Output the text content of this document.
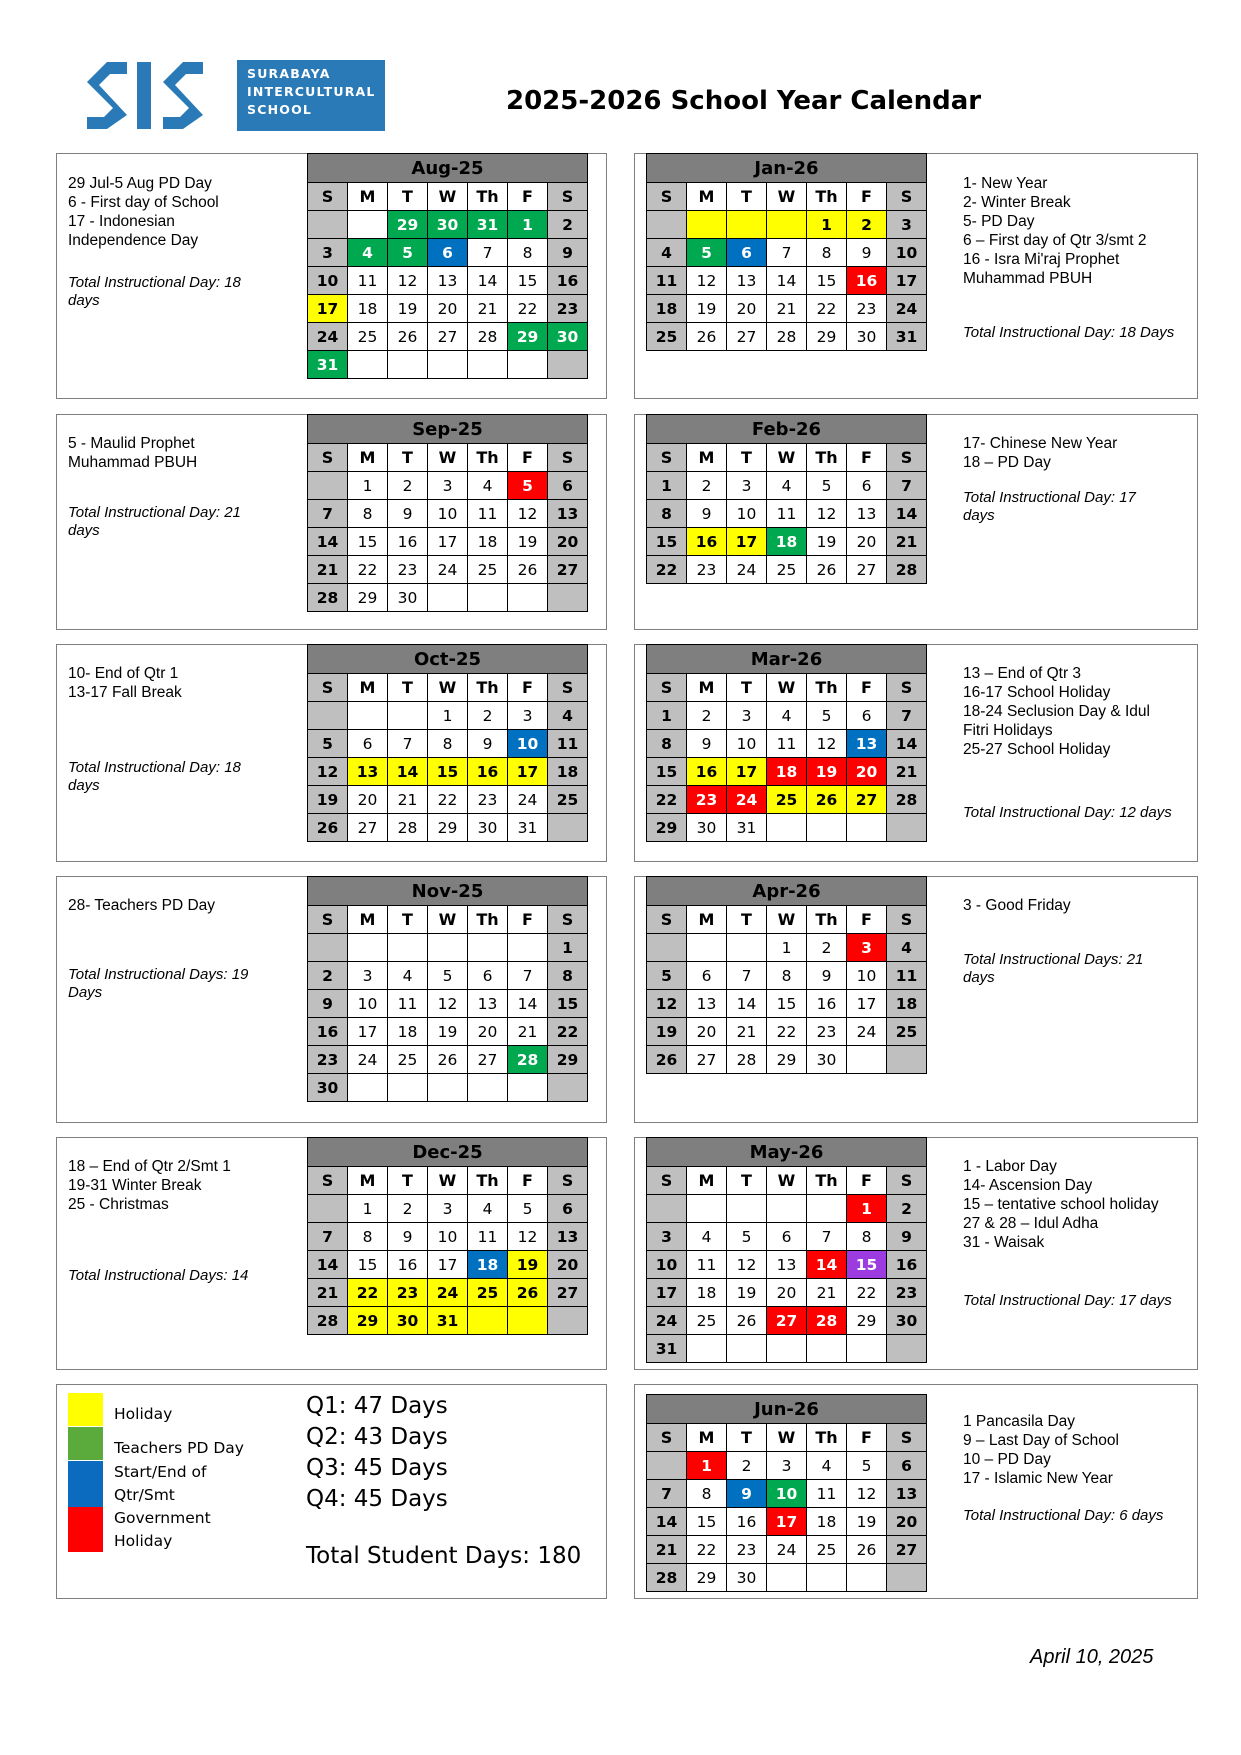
SURABAYA
INTERCULTURAL
SCHOOL	2025-2026 School Year Calendar
29 Jul-5 Aug PD Day
6 - First day of School
17 - Indonesian
Independence Day
Total Instructional Day: 18
days
Aug-25						
S	M	T	W	Th	F	S
		29	30	31	1	2
3	4	5	6	7	8	9
10	11	12	13	14	15	16
17	18	19	20	21	22	23
24	25	26	27	28	29	30
31						
5 - Maulid Prophet
Muhammad PBUH
Total Instructional Day: 21
days
Sep-25						
S	M	T	W	Th	F	S
	1	2	3	4	5	6
7	8	9	10	11	12	13
14	15	16	17	18	19	20
21	22	23	24	25	26	27
28	29	30				
10- End of Qtr 1
13-17 Fall Break
Total Instructional Day: 18
days
Oct-25						
S	M	T	W	Th	F	S
			1	2	3	4
5	6	7	8	9	10	11
12	13	14	15	16	17	18
19	20	21	22	23	24	25
26	27	28	29	30	31	
28- Teachers PD Day
Total Instructional Days: 19
Days
Nov-25						
S	M	T	W	Th	F	S
						1
2	3	4	5	6	7	8
9	10	11	12	13	14	15
16	17	18	19	20	21	22
23	24	25	26	27	28	29
30						
18 – End of Qtr 2/Smt 1
19-31 Winter Break
25 - Christmas
Total Instructional Days: 14
Dec-25						
S	M	T	W	Th	F	S
	1	2	3	4	5	6
7	8	9	10	11	12	13
14	15	16	17	18	19	20
21	22	23	24	25	26	27
28	29	30	31			
1- New Year
2- Winter Break
5- PD Day
6 – First day of Qtr 3/smt 2
16 - Isra Mi'raj Prophet
Muhammad PBUH
Total Instructional Day: 18 Days
Jan-26						
S	M	T	W	Th	F	S
				1	2	3
4	5	6	7	8	9	10
11	12	13	14	15	16	17
18	19	20	21	22	23	24
25	26	27	28	29	30	31
17- Chinese New Year
18 – PD Day
Total Instructional Day: 17
days
Feb-26						
S	M	T	W	Th	F	S
1	2	3	4	5	6	7
8	9	10	11	12	13	14
15	16	17	18	19	20	21
22	23	24	25	26	27	28
13 – End of Qtr 3
16-17 School Holiday
18-24 Seclusion Day & Idul
Fitri Holidays
25-27 School Holiday
Total Instructional Day: 12 days
Mar-26						
S	M	T	W	Th	F	S
1	2	3	4	5	6	7
8	9	10	11	12	13	14
15	16	17	18	19	20	21
22	23	24	25	26	27	28
29	30	31				
3 - Good Friday
Total Instructional Days: 21
days
Apr-26						
S	M	T	W	Th	F	S
			1	2	3	4
5	6	7	8	9	10	11
12	13	14	15	16	17	18
19	20	21	22	23	24	25
26	27	28	29	30		
1 - Labor Day
14- Ascension Day
15 – tentative school holiday
27 & 28 – Idul Adha
31 - Waisak
Total Instructional Day: 17 days
May-26						
S	M	T	W	Th	F	S
					1	2
3	4	5	6	7	8	9
10	11	12	13	14	15	16
17	18	19	20	21	22	23
24	25	26	27	28	29	30
31						
1 Pancasila Day
9 – Last Day of School
10 – PD Day
17 - Islamic New Year
Total Instructional Day: 6 days
Jun-26						
S	M	T	W	Th	F	S
	1	2	3	4	5	6
7	8	9	10	11	12	13
14	15	16	17	18	19	20
21	22	23	24	25	26	27
28	29	30				
Holiday
Teachers PD Day
Start/End of
Qtr/Smt
Government
Holiday
Q1: 47 Days
Q2: 43 Days
Q3: 45 Days
Q4: 45 Days
Total Student Days: 180
April 10, 2025
